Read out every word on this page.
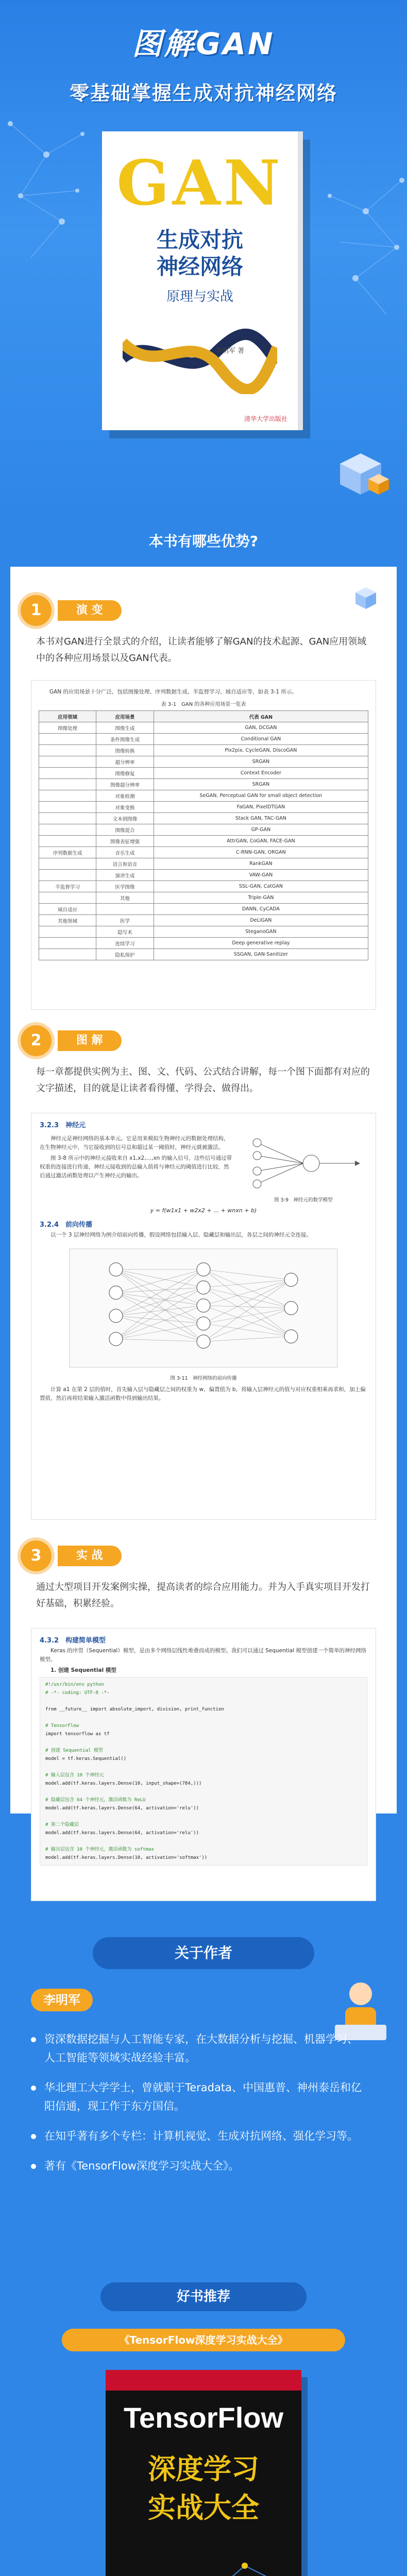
图解GAN
零基础掌握生成对抗神经网络
GAN
生成对抗
神经网络
原理与实战
李明军 著
清华大学出版社
本书有哪些优势?
1	演 变
本书对GAN进行全景式的介绍，让读者能够了解GAN的技术起源、GAN应用领域中的各种应用场景以及GAN代表。
GAN 的应用场景十分广泛，包括图像处理、序列数据生成、半监督学习、域自适应等，如表 3-1 所示。
表 3-1　GAN 的各种应用场景一览表
应用领域	应用场景	代表 GAN
图像处理	图像生成	GAN, DCGAN
	条件图像生成	Conditional GAN
	图像转换	Pix2pix, CycleGAN, DiscoGAN
	超分辨率	SRGAN
	图像修复	Context Encoder
	图像超分辨率	SRGAN
	对象检测	SeGAN, Perceptual GAN for small object detection
	对象变换	FaGAN, PixelDTGAN
	文本到图像	Stack GAN, TAC-GAN
	图像混合	GP-GAN
	图像表征增强	AttrGAN, CoGAN, FACE-GAN
序列数据生成	音乐生成	C-RNN-GAN, ORGAN
	语言和语音	RankGAN
	演讲生成	VAW-GAN
半监督学习	医学图像	SSL-GAN, CatGAN
	其他	Triple-GAN
域自适应		DANN, CyCADA
其他领域	医学	DeLiGAN
	隐写术	SteganoGAN
	连续学习	Deep generative replay
	隐私保护	SSGAN, GAN-Sanitizer
2	图 解
每一章都提供实例为主、图、文、代码、公式结合讲解，每一个图下面都有对应的文字描述，目的就是让读者看得懂、学得会、做得出。
3.2.3　神经元
神经元是神经网络的基本单元。它是用来模拟生物神经元的数据处理结构，在生物神经元中，当它接收到的信号总和超过某一阈值时，神经元就被激活。
图 3-8 所示中的神经元接收来自 x1,x2,…,xn 的输入信号，这些信号通过带权重的连接进行传递，神经元接收到的总输入值将与神经元的阈值进行比较，然后通过激活函数处理以产生神经元的输出。
图 3-9　神经元的数学模型
y = f(w1x1 + w2x2 + … + wnxn + b)
3.2.4　前向传播
以一个 3 层神经网络为例介绍前向传播，假设网络包括输入层、隐藏层和输出层，各层之间的神经元全连接。
图 3-11　神经网络的前向传播
计算 a1 在第 2 层的值时，首先输入层与隐藏层之间的权重为 w，偏置值为 b，将输入层神经元的值与对应权重相乘再求和，加上偏置值，然后再将结果输入激活函数中得到输出结果。
3	实 战
通过大型项目开发案例实操，提高读者的综合应用能力。并为入手真实项目开发打好基础，积累经验。
4.3.2　构建简单模型
Keras 的序贯（Sequential）模型，是由多个网络层线性堆叠而成的模型。我们可以通过 Sequential 模型创建一个简单的神经网络模型。
1. 创建 Sequential 模型
#!/usr/bin/env python
# -*- coding: UTF-8 -*-
from __future__ import absolute_import, division, print_function
# TensorFlow
import tensorflow as tf
# 创建 Sequential 模型
model = tf.keras.Sequential()
# 输入层包含 10 个神经元
model.add(tf.keras.layers.Dense(10, input_shape=(784,)))
# 隐藏层包含 64 个神经元，激活函数为 ReLU
model.add(tf.keras.layers.Dense(64, activation='relu'))
# 第二个隐藏层
model.add(tf.keras.layers.Dense(64, activation='relu'))
# 输出层包含 10 个神经元，激活函数为 softmax
model.add(tf.keras.layers.Dense(10, activation='softmax'))
关于作者
李明军
资深数据挖掘与人工智能专家，在大数据分析与挖掘、机器学习、人工智能等领域实战经验丰富。
华北理工大学学士，曾就职于Teradata、中国惠普、神州泰岳和亿阳信通，现工作于东方国信。
在知乎著有多个专栏：计算机视觉、生成对抗网络、强化学习等。
著有《TensorFlow深度学习实战大全》。
好书推荐
《TensorFlow深度学习实战大全》
TensorFlow
深度学习
实战大全
